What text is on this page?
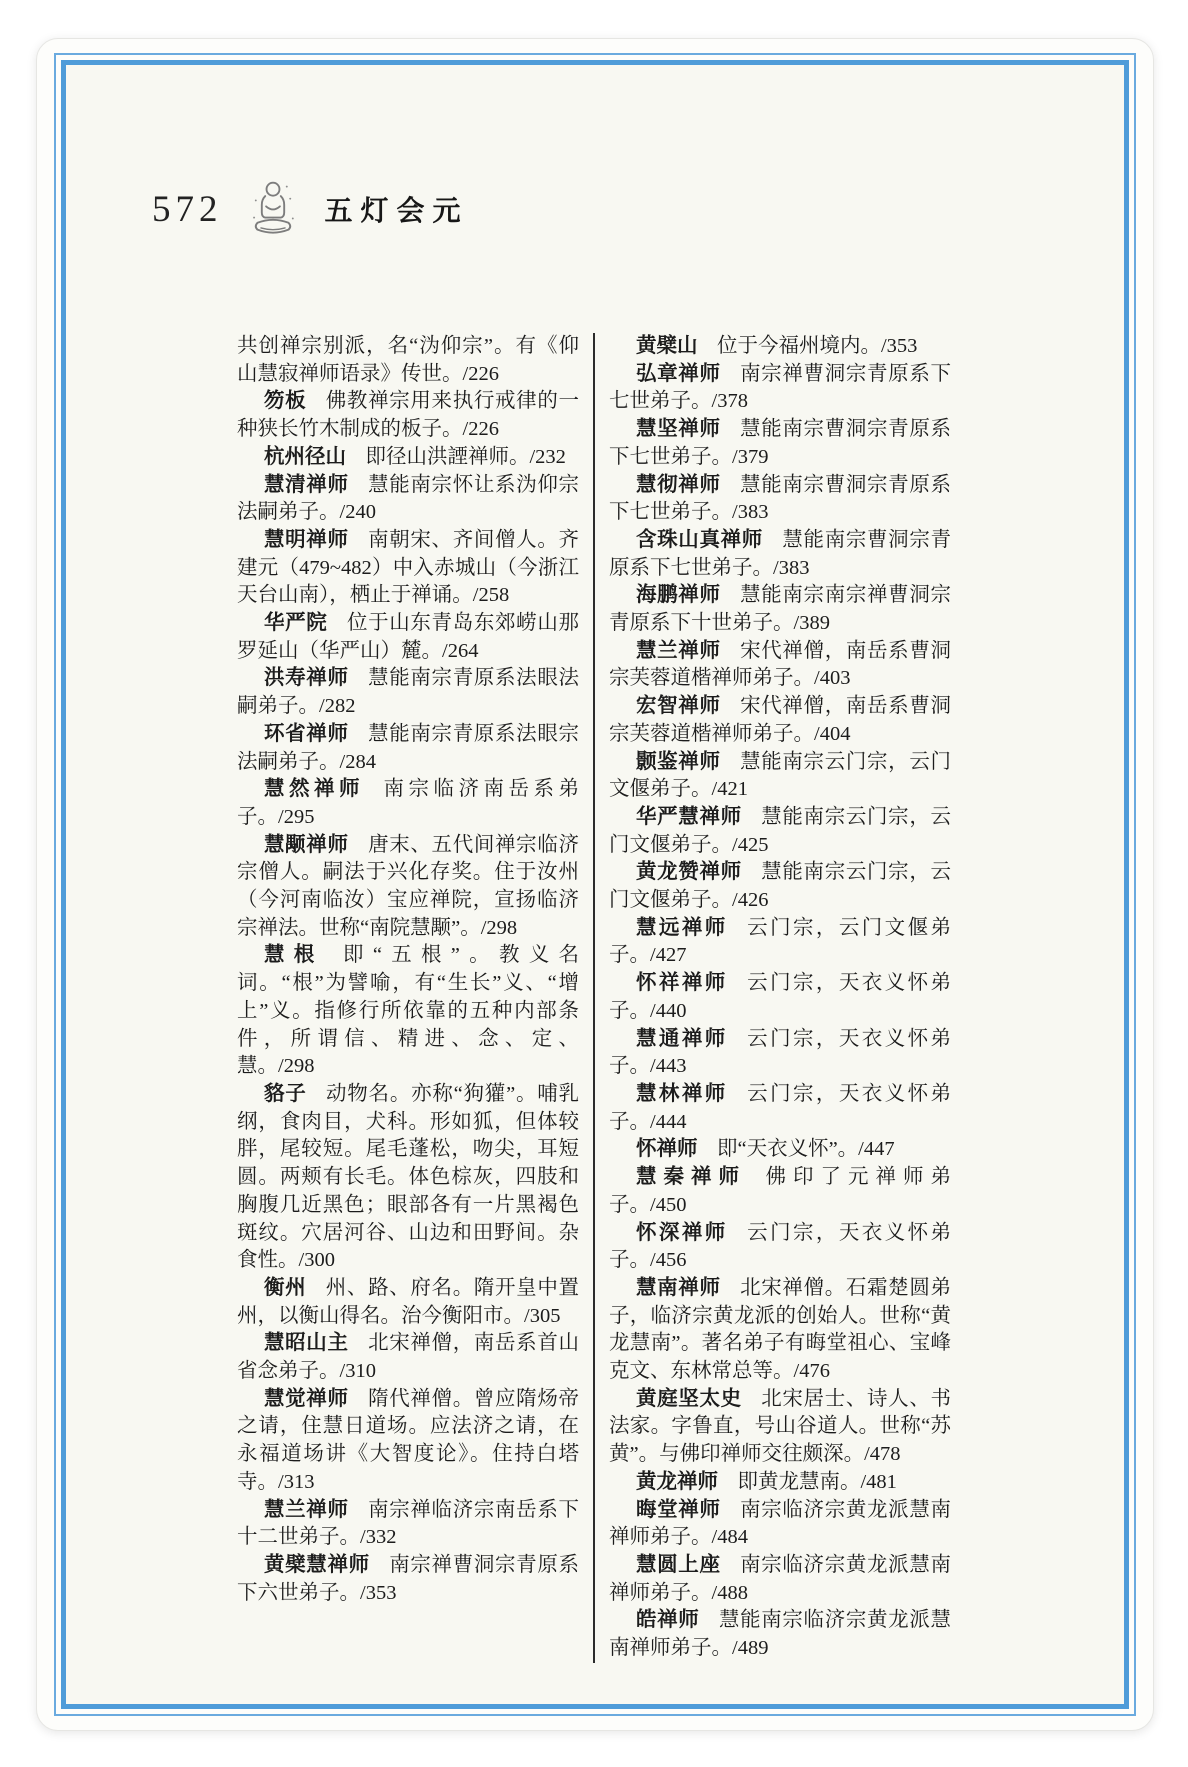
572	五灯会元

共创禅宗别派，名“沩仰宗”。有《仰山慧寂禅师语录》传世。/226

笏板 佛教禅宗用来执行戒律的一种狭长竹木制成的板子。/226

杭州径山 即径山洪諲禅师。/232

慧清禅师 慧能南宗怀让系沩仰宗法嗣弟子。/240

慧明禅师 南朝宋、齐间僧人。齐建元（479~482）中入赤城山（今浙江天台山南），栖止于禅诵。/258

华严院 位于山东青岛东郊崂山那罗延山（华严山）麓。/264

洪寿禅师 慧能南宗青原系法眼法嗣弟子。/282

环省禅师 慧能南宗青原系法眼宗法嗣弟子。/284

慧然禅师 南宗临济南岳系弟子。/295

慧颙禅师 唐末、五代间禅宗临济宗僧人。嗣法于兴化存奖。住于汝州（今河南临汝）宝应禅院，宣扬临济宗禅法。世称“南院慧颙”。/298

慧根 即“五根”。教义名词。“根”为譬喻，有“生长”义、“增上”义。指修行所依靠的五种内部条件，所谓信、精进、念、定、慧。/298

貉子 动物名。亦称“狗獾”。哺乳纲，食肉目，犬科。形如狐，但体较胖，尾较短。尾毛蓬松，吻尖，耳短圆。两颊有长毛。体色棕灰，四肢和胸腹几近黑色；眼部各有一片黑褐色斑纹。穴居河谷、山边和田野间。杂食性。/300

衡州 州、路、府名。隋开皇中置州，以衡山得名。治今衡阳市。/305

慧昭山主 北宋禅僧，南岳系首山省念弟子。/310

慧觉禅师 隋代禅僧。曾应隋炀帝之请，住慧日道场。应法济之请，在永福道场讲《大智度论》。住持白塔寺。/313

慧兰禅师 南宗禅临济宗南岳系下十二世弟子。/332

黄檗慧禅师 南宗禅曹洞宗青原系下六世弟子。/353

黄檗山 位于今福州境内。/353

弘章禅师 南宗禅曹洞宗青原系下七世弟子。/378

慧坚禅师 慧能南宗曹洞宗青原系下七世弟子。/379

慧彻禅师 慧能南宗曹洞宗青原系下七世弟子。/383

含珠山真禅师 慧能南宗曹洞宗青原系下七世弟子。/383

海鹏禅师 慧能南宗南宗禅曹洞宗青原系下十世弟子。/389

慧兰禅师 宋代禅僧，南岳系曹洞宗芙蓉道楷禅师弟子。/403

宏智禅师 宋代禅僧，南岳系曹洞宗芙蓉道楷禅师弟子。/404

颢鉴禅师 慧能南宗云门宗，云门文偃弟子。/421

华严慧禅师 慧能南宗云门宗，云门文偃弟子。/425

黄龙赞禅师 慧能南宗云门宗，云门文偃弟子。/426

慧远禅师 云门宗，云门文偃弟子。/427

怀祥禅师 云门宗，天衣义怀弟子。/440

慧通禅师 云门宗，天衣义怀弟子。/443

慧林禅师 云门宗，天衣义怀弟子。/444

怀禅师 即“天衣义怀”。/447

慧秦禅师 佛印了元禅师弟子。/450

怀深禅师 云门宗，天衣义怀弟子。/456

慧南禅师 北宋禅僧。石霜楚圆弟子，临济宗黄龙派的创始人。世称“黄龙慧南”。著名弟子有晦堂祖心、宝峰克文、东林常总等。/476

黄庭坚太史 北宋居士、诗人、书法家。字鲁直，号山谷道人。世称“苏黄”。与佛印禅师交往颇深。/478

黄龙禅师 即黄龙慧南。/481

晦堂禅师 南宗临济宗黄龙派慧南禅师弟子。/484

慧圆上座 南宗临济宗黄龙派慧南禅师弟子。/488

皓禅师 慧能南宗临济宗黄龙派慧南禅师弟子。/489
